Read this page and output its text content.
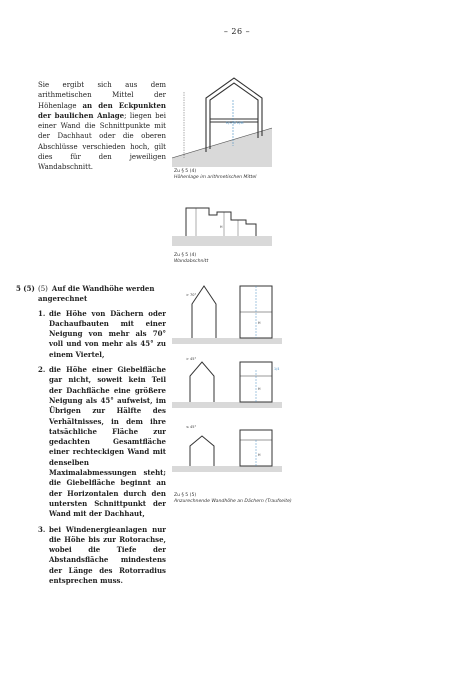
– 26 –
Sie ergibt sich aus dem arithmetischen Mittel der Höhenlage an den Eckpunkten der baulichen Anlage; liegen bei einer Wand die Schnittpunkte mit der Dachhaut oder die oberen Abschlüsse verschieden hoch, gilt dies für den jeweiligen Wandabschnitt.
H/= Ø H/M
Zu § 5 (4)
Höhenlage im arithmetischen Mittel
H
Zu § 5 (4)
Wandabschnitt
> 70°
H
> 45°
1/4
H
≤ 45°
H
Zu § 5 (5)
Anzurechnende Wandhöhe an Dächern (Traufseite)
5 (5) (5) Auf die Wandhöhe werden angerechnet
1. die Höhe von Dächern oder Dachaufbauten mit einer Neigung von mehr als 70° voll und von mehr als 45° zu einem Viertel,
2. die Höhe einer Giebelfläche gar nicht, soweit kein Teil der Dachfläche eine größere Neigung als 45° aufweist, im Übrigen zur Hälfte des Verhältnisses, in dem ihre tatsächliche Fläche zur gedachten Gesamtfläche einer rechteckigen Wand mit denselben Maximalabmessungen steht; die Giebelfläche beginnt an der Horizontalen durch den untersten Schnittpunkt der Wand mit der Dachhaut,
3. bei Windenergieanlagen nur die Höhe bis zur Rotorachse, wobei die Tiefe der Abstandsfläche mindestens der Länge des Rotorradius entsprechen muss.
